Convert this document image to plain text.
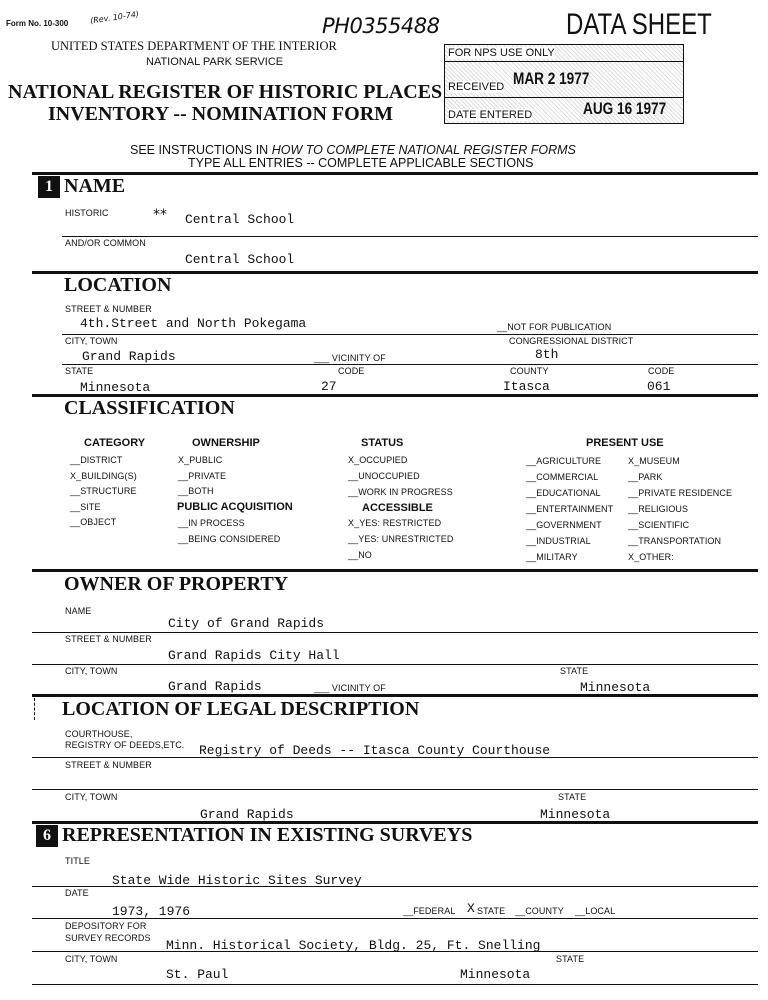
Form No. 10-300	(Rev. 10-74)	PH0355488	DATA SHEET
UNITED STATES DEPARTMENT OF THE INTERIOR
NATIONAL PARK SERVICE
NATIONAL REGISTER OF HISTORIC PLACES
INVENTORY -- NOMINATION FORM
FOR NPS USE ONLY
RECEIVED MAR 2 1977
DATE ENTERED	AUG 16 1977
SEE INSTRUCTIONS IN HOW TO COMPLETE NATIONAL REGISTER FORMS
TYPE ALL ENTRIES -- COMPLETE APPLICABLE SECTIONS
1 NAME
HISTORIC	** Central School
AND/OR COMMON
Central School
LOCATION
STREET & NUMBER
4th.Street and North Pokegama	__NOT FOR PUBLICATION
CITY, TOWN	CONGRESSIONAL DISTRICT
Grand Rapids	___ VICINITY OF	8th
STATE	CODE	COUNTY	CODE
Minnesota	27	Itasca	061
CLASSIFICATION
CATEGORY
__DISTRICT
X_BUILDING(S)
__STRUCTURE
__SITE
__OBJECT
OWNERSHIP
X_PUBLIC
__PRIVATE
__BOTH
PUBLIC ACQUISITION
__IN PROCESS
__BEING CONSIDERED
STATUS
X_OCCUPIED
__UNOCCUPIED
__WORK IN PROGRESS
ACCESSIBLE
X_YES: RESTRICTED
__YES: UNRESTRICTED
__NO
PRESENT USE
__AGRICULTURE
__COMMERCIAL
__EDUCATIONAL
__ENTERTAINMENT
__GOVERNMENT
__INDUSTRIAL
__MILITARY
X_MUSEUM
__PARK
__PRIVATE RESIDENCE
__RELIGIOUS
__SCIENTIFIC
__TRANSPORTATION
X_OTHER:
OWNER OF PROPERTY
NAME
City of Grand Rapids
STREET & NUMBER
Grand Rapids City Hall
CITY, TOWN	STATE
Grand Rapids	___ VICINITY OF	Minnesota
LOCATION OF LEGAL DESCRIPTION
COURTHOUSE,
REGISTRY OF DEEDS,ETC. Registry of Deeds -- Itasca County Courthouse
STREET & NUMBER
CITY, TOWN	STATE
Grand Rapids	Minnesota
6 REPRESENTATION IN EXISTING SURVEYS
TITLE
State Wide Historic Sites Survey
DATE
1973, 1976	__FEDERAL X STATE __COUNTY __LOCAL
DEPOSITORY FOR
SURVEY RECORDS Minn. Historical Society, Bldg. 25, Ft. Snelling
CITY, TOWN	STATE
St. Paul	Minnesota
